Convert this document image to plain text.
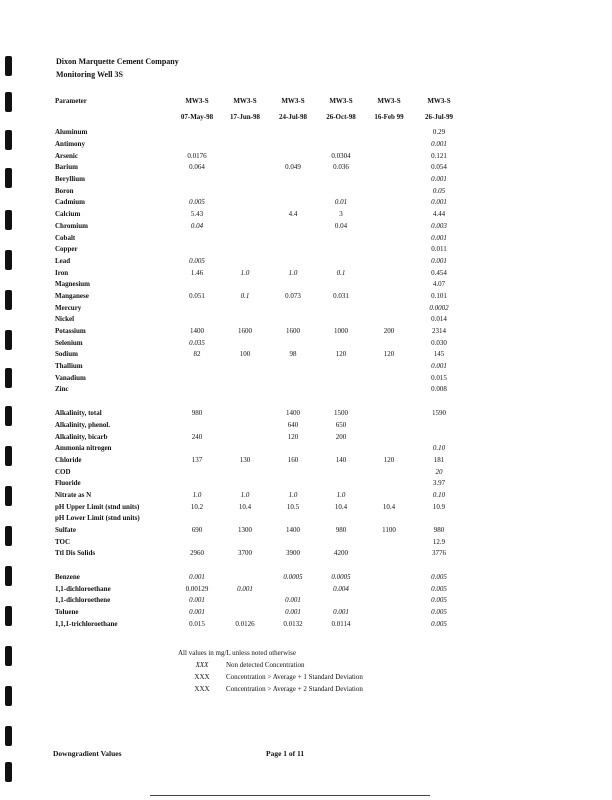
Dixon Marquette Cement Company
Monitoring Well 3S
Parameter	MW3-S	MW3-S	MW3-S	MW3-S	MW3-S	MW3-S
	07-May-98	17-Jun-98	24-Jul-98	26-Oct-98	16-Feb 99	26-Jul-99
Aluminum						0.29
Antimony						0.001
Arsenic	0.0176			0.0304		0.121
Barium	0.064		0.049	0.036		0.054
Beryllium						0.001
Boron						0.05
Cadmium	0.005			0.01		0.001
Calcium	5.43		4.4	3		4.44
Chromium	0.04			0.04		0.003
Cobalt						0.001
Copper						0.011
Lead	0.005					0.001
Iron	1.46	1.0	1.0	0.1		0.454
Magnesium						4.07
Manganese	0.051	0.1	0.073	0.031		0.101
Mercury						0.0002
Nickel						0.014
Potassium	1400	1600	1600	1000	200	2314
Selenium	0.035					0.030
Sodium	82	100	98	120	120	145
Thallium						0.001
Vanadium						0.015
Zinc						0.008

Alkalinity, total	980		1400	1500		1590
Alkalinity, phenol.			640	650		
Alkalinity, bicarb	240		120	200		
Ammonia nitrogen						0.10
Chloride	137	130	160	140	120	181
COD						20
Fluoride						3.97
Nitrate as N	1.0	1.0	1.0	1.0		0.10
pH Upper Limit (stnd units)	10.2	10.4	10.5	10.4	10.4	10.9
pH Lower Limit (stnd units)						
Sulfate	690	1300	1400	980	1100	980
TOC						12.9
Ttl Dis Solids	2960	3700	3900	4200		3776

Benzene	0.001		0.0005	0.0005		0.005
1,1-dichloroethane	0.00129	0.001		0.004		0.005
1,1-dichloroethene	0.001		0.001			0.005
Toluene	0.001		0.001	0.001		0.005
1,1,1-trichloroethane	0.015	0.0126	0.0132	0.0114		0.005
All values in mg/L unless noted otherwise
XXX	Non detected Concentration
XXX	Concentration > Average + 1 Standard Deviation
XXX	Concentration > Average + 2 Standard Deviation
Downgradient Values	Page 1 of 11
